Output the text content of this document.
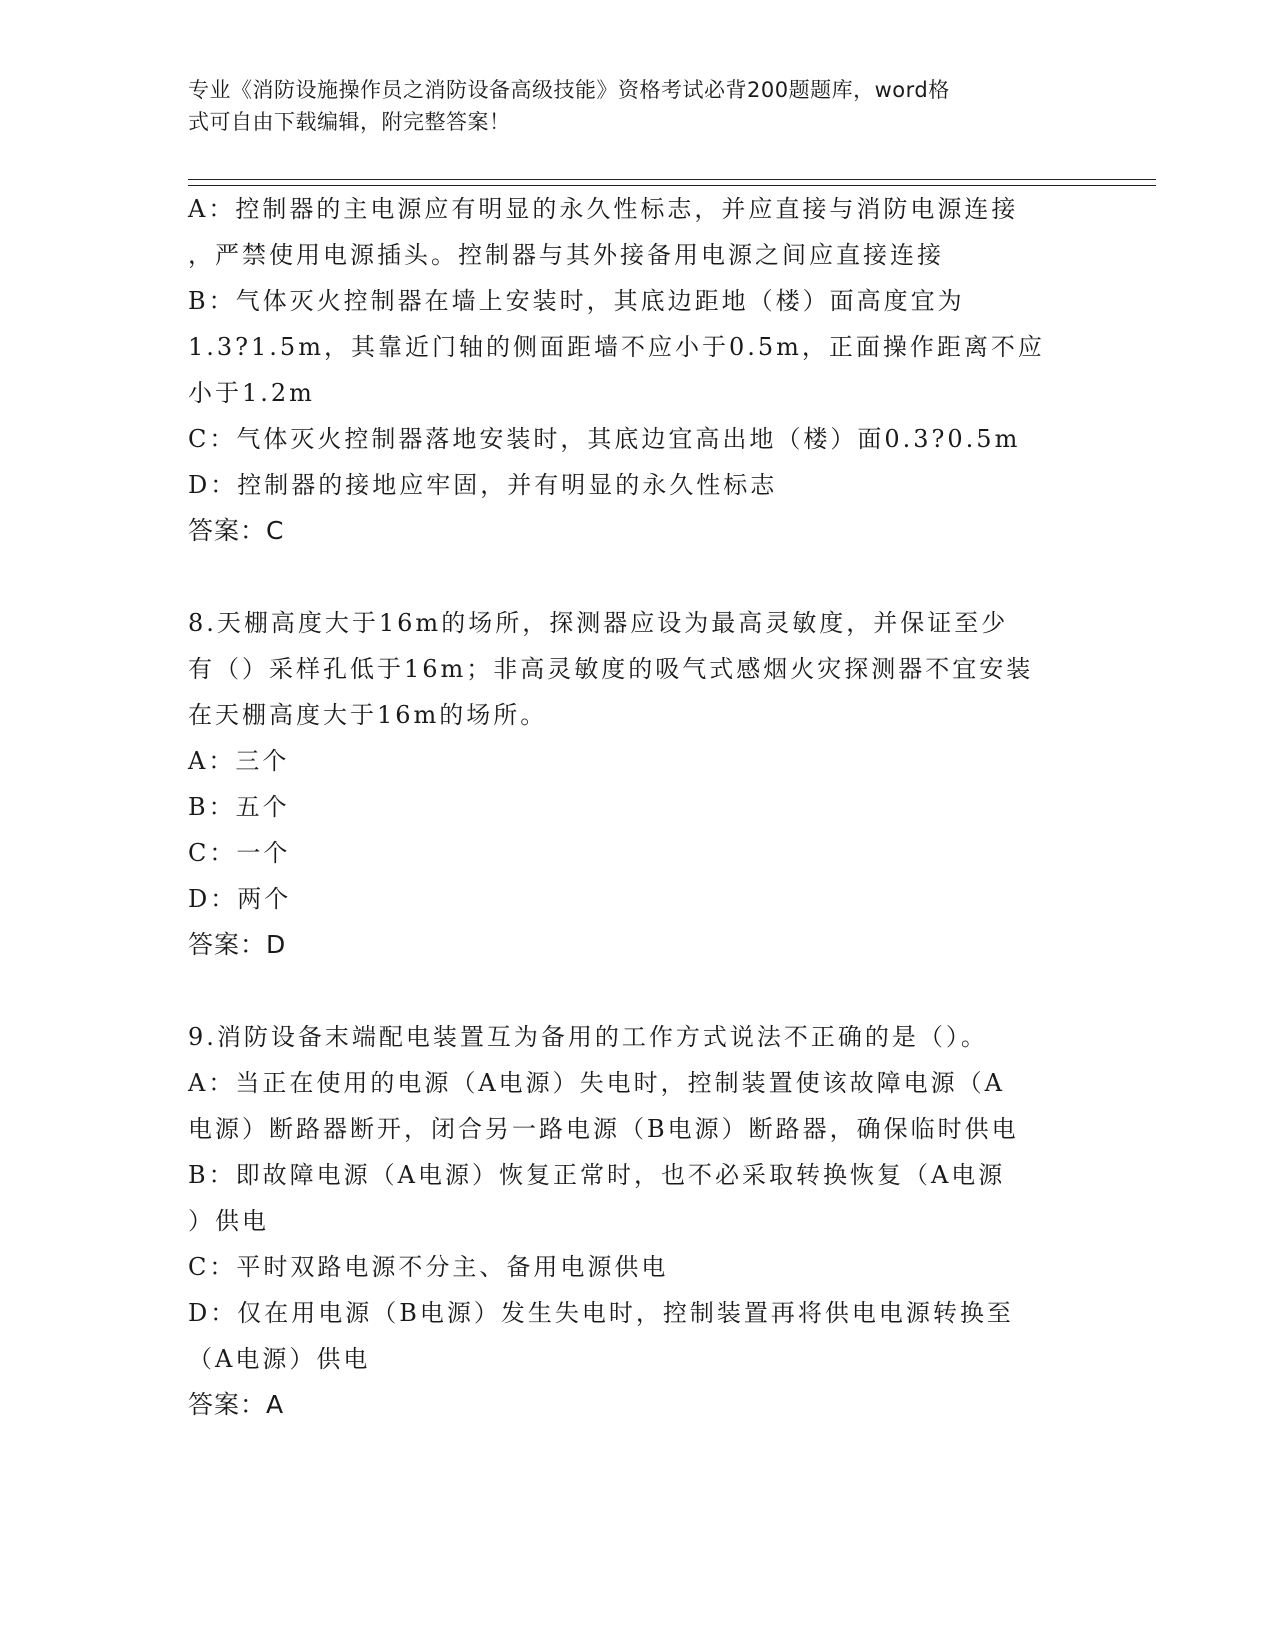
专业《消防设施操作员之消防设备高级技能》资格考试必背200题题库，word格
式可自由下载编辑，附完整答案！
A：控制器的主电源应有明显的永久性标志，并应直接与消防电源连接
，严禁使用电源插头。控制器与其外接备用电源之间应直接连接
B：气体灭火控制器在墙上安装时，其底边距地（楼）面高度宜为
1.3?1.5m，其靠近门轴的侧面距墙不应小于0.5m，正面操作距离不应
小于1.2m
C：气体灭火控制器落地安装时，其底边宜高出地（楼）面0.3?0.5m
D：控制器的接地应牢固，并有明显的永久性标志
答案：C
8.天棚高度大于16m的场所，探测器应设为最高灵敏度，并保证至少
有（）采样孔低于16m；非高灵敏度的吸气式感烟火灾探测器不宜安装
在天棚高度大于16m的场所。
A：三个
B：五个
C：一个
D：两个
答案：D
9.消防设备末端配电装置互为备用的工作方式说法不正确的是（）。
A：当正在使用的电源（A电源）失电时，控制装置使该故障电源（A
电源）断路器断开，闭合另一路电源（B电源）断路器，确保临时供电
B：即故障电源（A电源）恢复正常时，也不必采取转换恢复（A电源
）供电
C：平时双路电源不分主、备用电源供电
D：仅在用电源（B电源）发生失电时，控制装置再将供电电源转换至
（A电源）供电
答案：A
